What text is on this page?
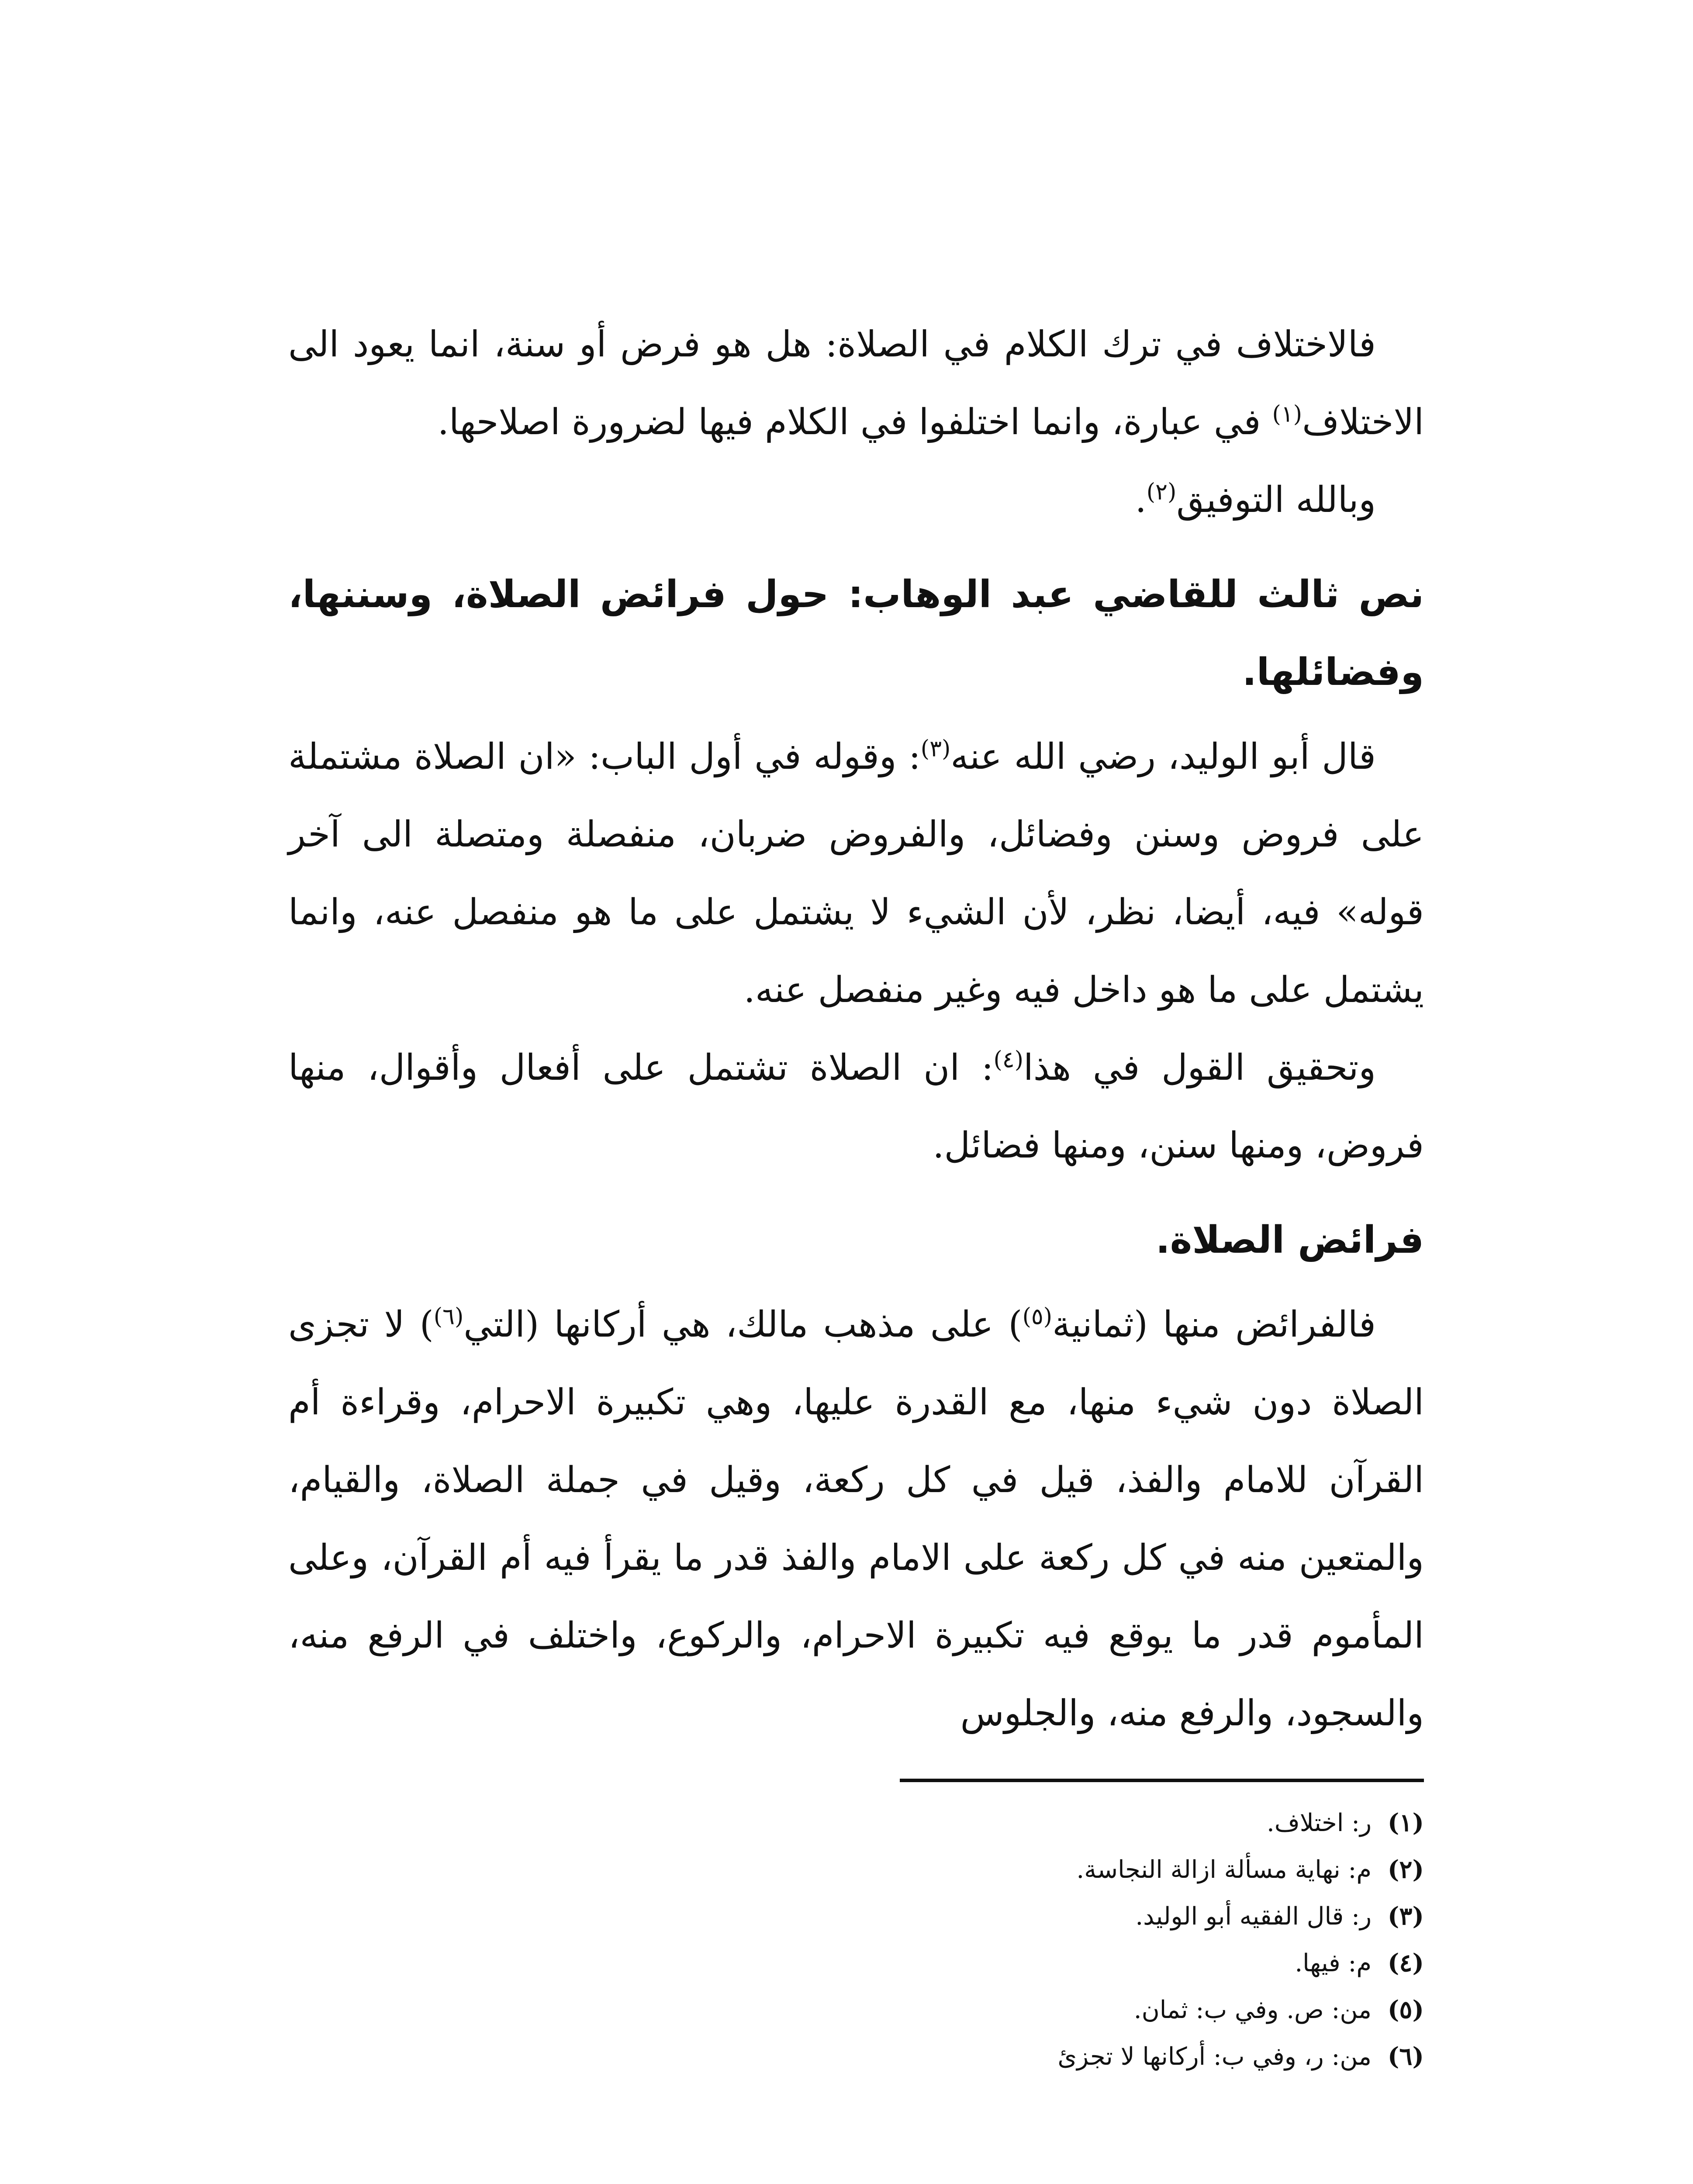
فالاختلاف في ترك الكلام في الصلاة: هل هو فرض أو سنة، انما يعود الى الاختلاف$^{(١)}$ في عبارة، وانما اختلفوا في الكلام فيها لضرورة اصلاحها.

وبالله التوفيق$^{(٢)}$.

نص ثالث للقاضي عبد الوهاب: حول فرائض الصلاة، وسننها، وفضائلها.

قال أبو الوليد، رضي الله عنه$^{(٣)}$: وقوله في أول الباب: «ان الصلاة مشتملة على فروض وسنن وفضائل، والفروض ضربان، منفصلة ومتصلة الى آخر قوله» فيه، أيضا، نظر، لأن الشيء لا يشتمل على ما هو منفصل عنه، وانما يشتمل على ما هو داخل فيه وغير منفصل عنه.

وتحقيق القول في هذا$^{(٤)}$: ان الصلاة تشتمل على أفعال وأقوال، منها فروض، ومنها سنن، ومنها فضائل.

فرائض الصلاة.

فالفرائض منها (ثمانية$^{(٥)}$) على مذهب مالك، هي أركانها (التي$^{(٦)}$) لا تجزى الصلاة دون شيء منها، مع القدرة عليها، وهي تكبيرة الاحرام، وقراءة أم القرآن للامام والفذ، قيل في كل ركعة، وقيل في جملة الصلاة، والقيام، والمتعين منه في كل ركعة على الامام والفذ قدر ما يقرأ فيه أم القرآن، وعلى المأموم قدر ما يوقع فيه تكبيرة الاحرام، والركوع، واختلف في الرفع منه، والسجود، والرفع منه، والجلوس

(١)
ر: اختلاف.
(٢)
م: نهاية مسألة ازالة النجاسة.
(٣)
ر: قال الفقيه أبو الوليد.
(٤)
م: فيها.
(٥)
من: ص. وفي ب: ثمان.
(٦)
من: ر، وفي ب: أركانها لا تجزئ
